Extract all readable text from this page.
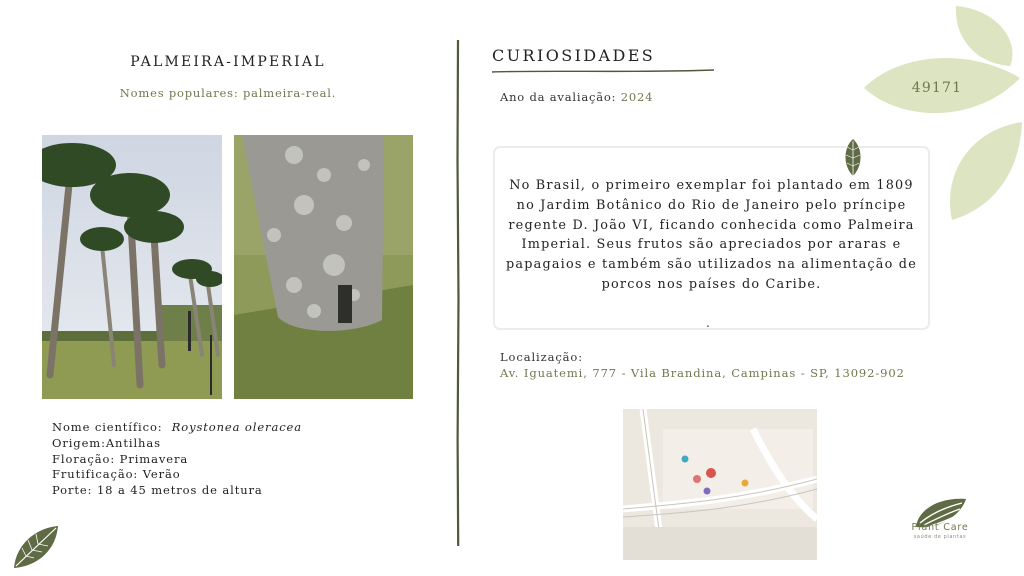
49171
PALMEIRA-IMPERIAL
Nomes populares: palmeira-real.
Nome científico: Roystonea oleracea
Origem:Antilhas
Floração: Primavera
Frutificação: Verão
Porte: 18 a 45 metros de altura
CURIOSIDADES
Ano da avaliação: 2024
No Brasil, o primeiro exemplar foi plantado em 1809 no Jardim Botânico do Rio de Janeiro pelo príncipe regente D. João VI, ficando conhecida como Palmeira Imperial. Seus frutos são apreciados por araras e papagaios e também são utilizados na alimentação de porcos nos países do Caribe.
.
Localização:
Av. Iguatemi, 777 - Vila Brandina, Campinas - SP, 13092-902
Plant Care
saúde de plantas
